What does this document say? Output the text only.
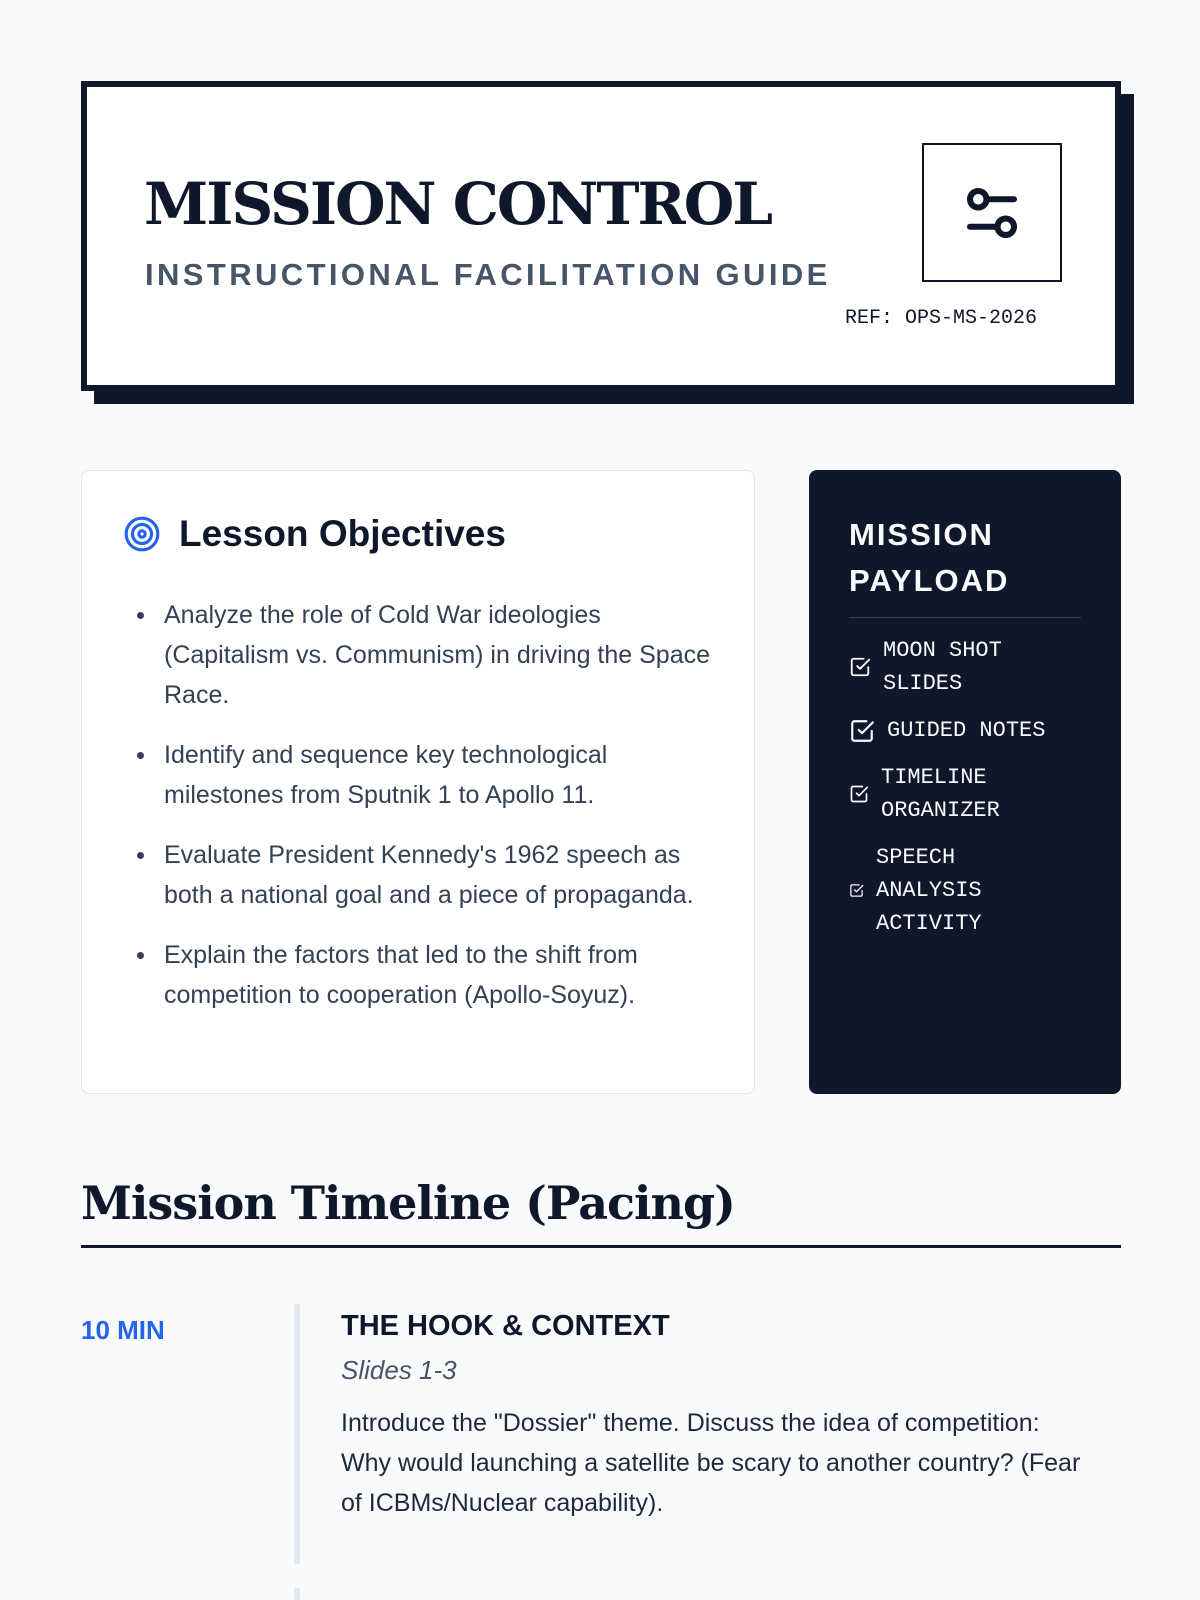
MISSION CONTROL
INSTRUCTIONAL FACILITATION GUIDE
REF: OPS-MS-2026
Lesson Objectives
Analyze the role of Cold War ideologies (Capitalism vs. Communism) in driving the Space Race.
Identify and sequence key technological milestones from Sputnik 1 to Apollo 11.
Evaluate President Kennedy's 1962 speech as both a national goal and a piece of propaganda.
Explain the factors that led to the shift from competition to cooperation (Apollo-Soyuz).
MISSION PAYLOAD
MOON SHOT SLIDES
GUIDED NOTES
TIMELINE ORGANIZER
SPEECH ANALYSIS ACTIVITY
Mission Timeline (Pacing)
10 MIN	THE HOOK & CONTEXT
Slides 1-3
Introduce the "Dossier" theme. Discuss the idea of competition: Why would launching a satellite be scary to another country? (Fear of ICBMs/Nuclear capability).
